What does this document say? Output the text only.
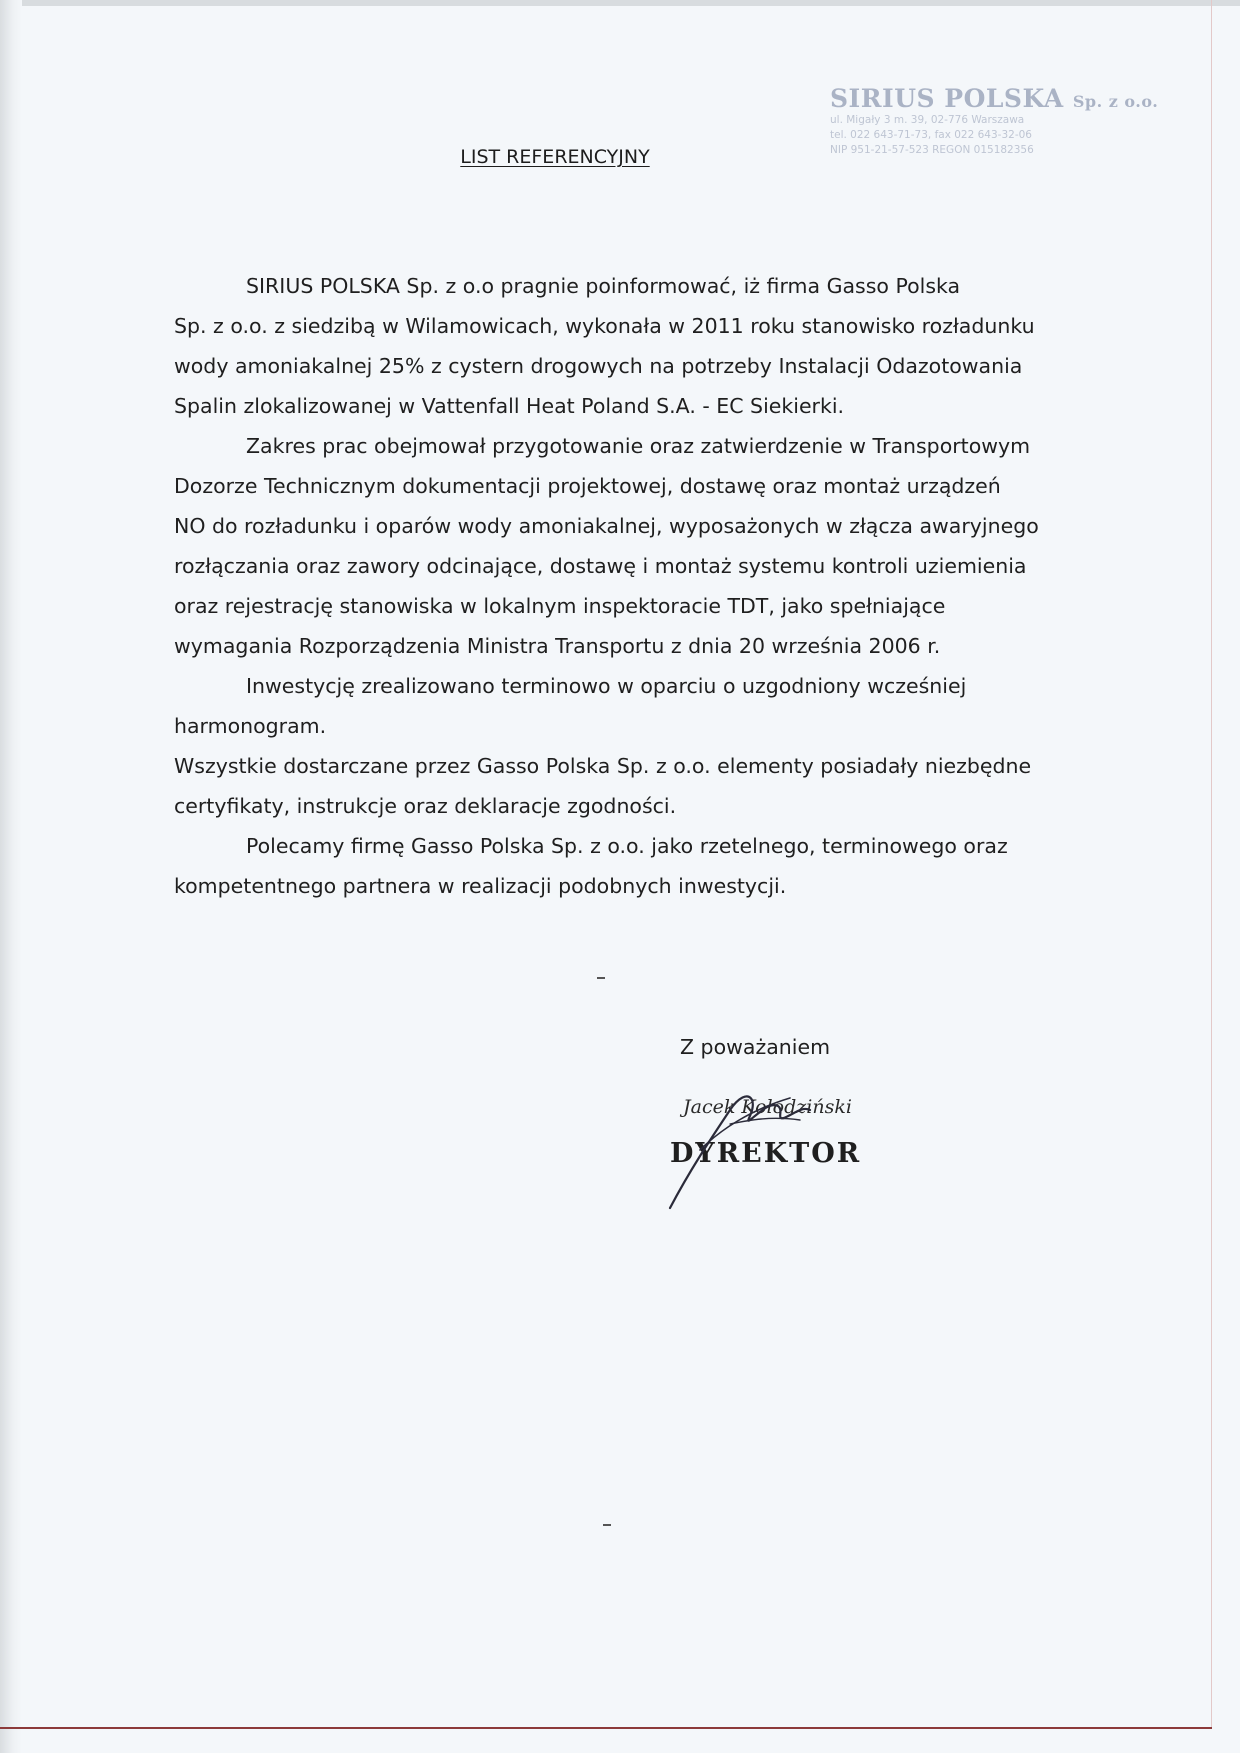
SIRIUS POLSKA Sp. z o.o.
ul. Migały 3 m. 39, 02-776 Warszawa
tel. 022 643-71-73, fax 022 643-32-06
NIP 951-21-57-523 REGON 015182356
LIST REFERENCYJNY

SIRIUS POLSKA Sp. z o.o pragnie poinformować, iż firma Gasso Polska
Sp. z o.o. z siedzibą w Wilamowicach, wykonała w 2011 roku stanowisko rozładunku
wody amoniakalnej 25% z cystern drogowych na potrzeby Instalacji Odazotowania
Spalin zlokalizowanej w Vattenfall Heat Poland S.A. - EC Siekierki.

Zakres prac obejmował przygotowanie oraz zatwierdzenie w Transportowym
Dozorze Technicznym dokumentacji projektowej, dostawę oraz montaż urządzeń
NO do rozładunku i oparów wody amoniakalnej, wyposażonych w złącza awaryjnego
rozłączania oraz zawory odcinające, dostawę i montaż systemu kontroli uziemienia
oraz rejestrację stanowiska w lokalnym inspektoracie TDT, jako spełniające
wymagania Rozporządzenia Ministra Transportu z dnia 20 września 2006 r.

Inwestycję zrealizowano terminowo w oparciu o uzgodniony wcześniej
harmonogram.

Wszystkie dostarczane przez Gasso Polska Sp. z o.o. elementy posiadały niezbędne
certyfikaty, instrukcje oraz deklaracje zgodności.

Polecamy firmę Gasso Polska Sp. z o.o. jako rzetelnego, terminowego oraz
kompetentnego partnera w realizacji podobnych inwestycji.

Z poważaniem
Jacek Kołodziński
DYREKTOR
